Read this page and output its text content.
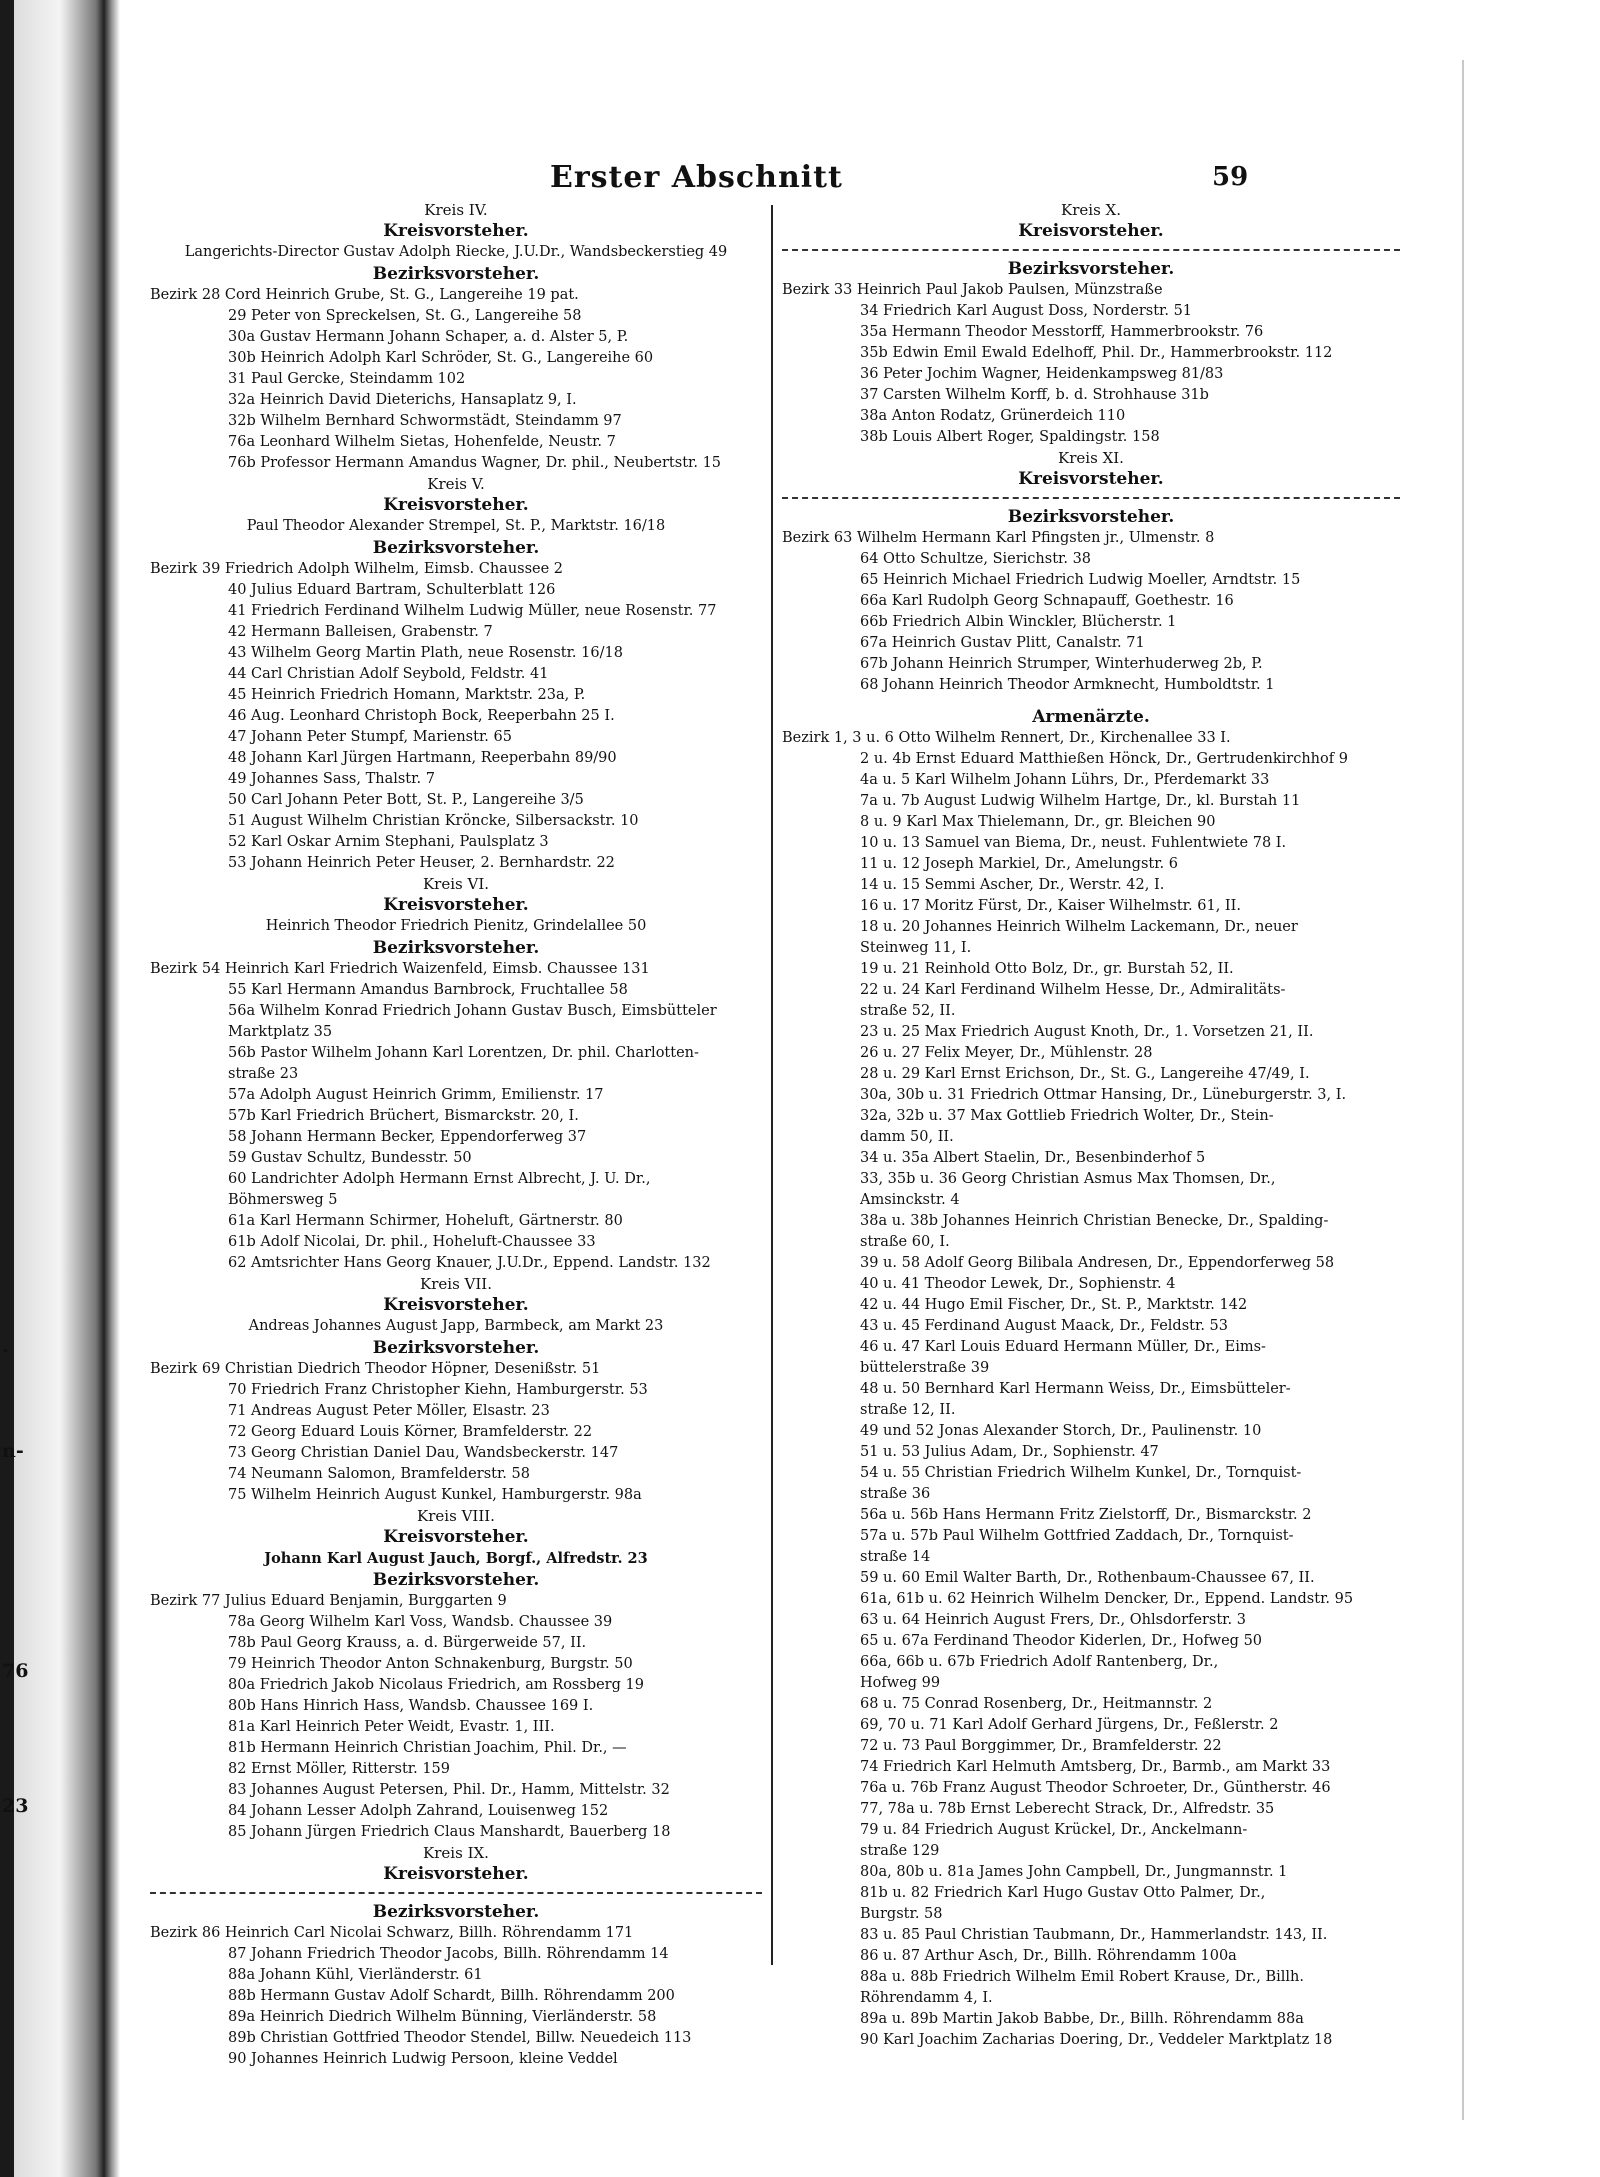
.
n-
76
23
Erster Abschnitt	59
Kreis IV.
Kreisvorsteher.
Langerichts-Director Gustav Adolph Riecke, J.U.Dr., Wandsbeckerstieg 49
Bezirksvorsteher.
Bezirk 28 Cord Heinrich Grube, St. G., Langereihe 19 pat.
29 Peter von Spreckelsen, St. G., Langereihe 58
30a Gustav Hermann Johann Schaper, a. d. Alster 5, P.
30b Heinrich Adolph Karl Schröder, St. G., Langereihe 60
31 Paul Gercke, Steindamm 102
32a Heinrich David Dieterichs, Hansaplatz 9, I.
32b Wilhelm Bernhard Schwormstädt, Steindamm 97
76a Leonhard Wilhelm Sietas, Hohenfelde, Neustr. 7
76b Professor Hermann Amandus Wagner, Dr. phil., Neubertstr. 15
Kreis V.
Kreisvorsteher.
Paul Theodor Alexander Strempel, St. P., Marktstr. 16/18
Bezirksvorsteher.
Bezirk 39 Friedrich Adolph Wilhelm, Eimsb. Chaussee 2
40 Julius Eduard Bartram, Schulterblatt 126
41 Friedrich Ferdinand Wilhelm Ludwig Müller, neue Rosenstr. 77
42 Hermann Balleisen, Grabenstr. 7
43 Wilhelm Georg Martin Plath, neue Rosenstr. 16/18
44 Carl Christian Adolf Seybold, Feldstr. 41
45 Heinrich Friedrich Homann, Marktstr. 23a, P.
46 Aug. Leonhard Christoph Bock, Reeperbahn 25 I.
47 Johann Peter Stumpf, Marienstr. 65
48 Johann Karl Jürgen Hartmann, Reeperbahn 89/90
49 Johannes Sass, Thalstr. 7
50 Carl Johann Peter Bott, St. P., Langereihe 3/5
51 August Wilhelm Christian Kröncke, Silbersackstr. 10
52 Karl Oskar Arnim Stephani, Paulsplatz 3
53 Johann Heinrich Peter Heuser, 2. Bernhardstr. 22
Kreis VI.
Kreisvorsteher.
Heinrich Theodor Friedrich Pienitz, Grindelallee 50
Bezirksvorsteher.
Bezirk 54 Heinrich Karl Friedrich Waizenfeld, Eimsb. Chaussee 131
55 Karl Hermann Amandus Barnbrock, Fruchtallee 58
56a Wilhelm Konrad Friedrich Johann Gustav Busch, Eimsbütteler
Marktplatz 35
56b Pastor Wilhelm Johann Karl Lorentzen, Dr. phil. Charlotten-
straße 23
57a Adolph August Heinrich Grimm, Emilienstr. 17
57b Karl Friedrich Brüchert, Bismarckstr. 20, I.
58 Johann Hermann Becker, Eppendorferweg 37
59 Gustav Schultz, Bundesstr. 50
60 Landrichter Adolph Hermann Ernst Albrecht, J. U. Dr.,
Böhmersweg 5
61a Karl Hermann Schirmer, Hoheluft, Gärtnerstr. 80
61b Adolf Nicolai, Dr. phil., Hoheluft-Chaussee 33
62 Amtsrichter Hans Georg Knauer, J.U.Dr., Eppend. Landstr. 132
Kreis VII.
Kreisvorsteher.
Andreas Johannes August Japp, Barmbeck, am Markt 23
Bezirksvorsteher.
Bezirk 69 Christian Diedrich Theodor Höpner, Desenißstr. 51
70 Friedrich Franz Christopher Kiehn, Hamburgerstr. 53
71 Andreas August Peter Möller, Elsastr. 23
72 Georg Eduard Louis Körner, Bramfelderstr. 22
73 Georg Christian Daniel Dau, Wandsbeckerstr. 147
74 Neumann Salomon, Bramfelderstr. 58
75 Wilhelm Heinrich August Kunkel, Hamburgerstr. 98a
Kreis VIII.
Kreisvorsteher.
Johann Karl August Jauch, Borgf., Alfredstr. 23
Bezirksvorsteher.
Bezirk 77 Julius Eduard Benjamin, Burggarten 9
78a Georg Wilhelm Karl Voss, Wandsb. Chaussee 39
78b Paul Georg Krauss, a. d. Bürgerweide 57, II.
79 Heinrich Theodor Anton Schnakenburg, Burgstr. 50
80a Friedrich Jakob Nicolaus Friedrich, am Rossberg 19
80b Hans Hinrich Hass, Wandsb. Chaussee 169 I.
81a Karl Heinrich Peter Weidt, Evastr. 1, III.
81b Hermann Heinrich Christian Joachim, Phil. Dr., —
82 Ernst Möller, Ritterstr. 159
83 Johannes August Petersen, Phil. Dr., Hamm, Mittelstr. 32
84 Johann Lesser Adolph Zahrand, Louisenweg 152
85 Johann Jürgen Friedrich Claus Manshardt, Bauerberg 18
Kreis IX.
Kreisvorsteher.
Bezirksvorsteher.
Bezirk 86 Heinrich Carl Nicolai Schwarz, Billh. Röhrendamm 171
87 Johann Friedrich Theodor Jacobs, Billh. Röhrendamm 14
88a Johann Kühl, Vierländerstr. 61
88b Hermann Gustav Adolf Schardt, Billh. Röhrendamm 200
89a Heinrich Diedrich Wilhelm Bünning, Vierländerstr. 58
89b Christian Gottfried Theodor Stendel, Billw. Neuedeich 113
90 Johannes Heinrich Ludwig Persoon, kleine Veddel
Kreis X.
Kreisvorsteher.
Bezirksvorsteher.
Bezirk 33 Heinrich Paul Jakob Paulsen, Münzstraße
34 Friedrich Karl August Doss, Norderstr. 51
35a Hermann Theodor Messtorff, Hammerbrookstr. 76
35b Edwin Emil Ewald Edelhoff, Phil. Dr., Hammerbrookstr. 112
36 Peter Jochim Wagner, Heidenkampsweg 81/83
37 Carsten Wilhelm Korff, b. d. Strohhause 31b
38a Anton Rodatz, Grünerdeich 110
38b Louis Albert Roger, Spaldingstr. 158
Kreis XI.
Kreisvorsteher.
Bezirksvorsteher.
Bezirk 63 Wilhelm Hermann Karl Pfingsten jr., Ulmenstr. 8
64 Otto Schultze, Sierichstr. 38
65 Heinrich Michael Friedrich Ludwig Moeller, Arndtstr. 15
66a Karl Rudolph Georg Schnapauff, Goethestr. 16
66b Friedrich Albin Winckler, Blücherstr. 1
67a Heinrich Gustav Plitt, Canalstr. 71
67b Johann Heinrich Strumper, Winterhuderweg 2b, P.
68 Johann Heinrich Theodor Armknecht, Humboldtstr. 1
Armenärzte.
Bezirk 1, 3 u. 6 Otto Wilhelm Rennert, Dr., Kirchenallee 33 I.
2 u. 4b Ernst Eduard Matthießen Hönck, Dr., Gertrudenkirchhof 9
4a u. 5 Karl Wilhelm Johann Lührs, Dr., Pferdemarkt 33
7a u. 7b August Ludwig Wilhelm Hartge, Dr., kl. Burstah 11
8 u. 9 Karl Max Thielemann, Dr., gr. Bleichen 90
10 u. 13 Samuel van Biema, Dr., neust. Fuhlentwiete 78 I.
11 u. 12 Joseph Markiel, Dr., Amelungstr. 6
14 u. 15 Semmi Ascher, Dr., Werstr. 42, I.
16 u. 17 Moritz Fürst, Dr., Kaiser Wilhelmstr. 61, II.
18 u. 20 Johannes Heinrich Wilhelm Lackemann, Dr., neuer
Steinweg 11, I.
19 u. 21 Reinhold Otto Bolz, Dr., gr. Burstah 52, II.
22 u. 24 Karl Ferdinand Wilhelm Hesse, Dr., Admiralitäts-
straße 52, II.
23 u. 25 Max Friedrich August Knoth, Dr., 1. Vorsetzen 21, II.
26 u. 27 Felix Meyer, Dr., Mühlenstr. 28
28 u. 29 Karl Ernst Erichson, Dr., St. G., Langereihe 47/49, I.
30a, 30b u. 31 Friedrich Ottmar Hansing, Dr., Lüneburgerstr. 3, I.
32a, 32b u. 37 Max Gottlieb Friedrich Wolter, Dr., Stein-
damm 50, II.
34 u. 35a Albert Staelin, Dr., Besenbinderhof 5
33, 35b u. 36 Georg Christian Asmus Max Thomsen, Dr.,
Amsinckstr. 4
38a u. 38b Johannes Heinrich Christian Benecke, Dr., Spalding-
straße 60, I.
39 u. 58 Adolf Georg Bilibala Andresen, Dr., Eppendorferweg 58
40 u. 41 Theodor Lewek, Dr., Sophienstr. 4
42 u. 44 Hugo Emil Fischer, Dr., St. P., Marktstr. 142
43 u. 45 Ferdinand August Maack, Dr., Feldstr. 53
46 u. 47 Karl Louis Eduard Hermann Müller, Dr., Eims-
büttelerstraße 39
48 u. 50 Bernhard Karl Hermann Weiss, Dr., Eimsbütteler-
straße 12, II.
49 und 52 Jonas Alexander Storch, Dr., Paulinenstr. 10
51 u. 53 Julius Adam, Dr., Sophienstr. 47
54 u. 55 Christian Friedrich Wilhelm Kunkel, Dr., Tornquist-
straße 36
56a u. 56b Hans Hermann Fritz Zielstorff, Dr., Bismarckstr. 2
57a u. 57b Paul Wilhelm Gottfried Zaddach, Dr., Tornquist-
straße 14
59 u. 60 Emil Walter Barth, Dr., Rothenbaum-Chaussee 67, II.
61a, 61b u. 62 Heinrich Wilhelm Dencker, Dr., Eppend. Landstr. 95
63 u. 64 Heinrich August Frers, Dr., Ohlsdorferstr. 3
65 u. 67a Ferdinand Theodor Kiderlen, Dr., Hofweg 50
66a, 66b u. 67b Friedrich Adolf Rantenberg, Dr.,
Hofweg 99
68 u. 75 Conrad Rosenberg, Dr., Heitmannstr. 2
69, 70 u. 71 Karl Adolf Gerhard Jürgens, Dr., Feßlerstr. 2
72 u. 73 Paul Borggimmer, Dr., Bramfelderstr. 22
74 Friedrich Karl Helmuth Amtsberg, Dr., Barmb., am Markt 33
76a u. 76b Franz August Theodor Schroeter, Dr., Güntherstr. 46
77, 78a u. 78b Ernst Leberecht Strack, Dr., Alfredstr. 35
79 u. 84 Friedrich August Krückel, Dr., Anckelmann-
straße 129
80a, 80b u. 81a James John Campbell, Dr., Jungmannstr. 1
81b u. 82 Friedrich Karl Hugo Gustav Otto Palmer, Dr.,
Burgstr. 58
83 u. 85 Paul Christian Taubmann, Dr., Hammerlandstr. 143, II.
86 u. 87 Arthur Asch, Dr., Billh. Röhrendamm 100a
88a u. 88b Friedrich Wilhelm Emil Robert Krause, Dr., Billh.
Röhrendamm 4, I.
89a u. 89b Martin Jakob Babbe, Dr., Billh. Röhrendamm 88a
90 Karl Joachim Zacharias Doering, Dr., Veddeler Marktplatz 18
